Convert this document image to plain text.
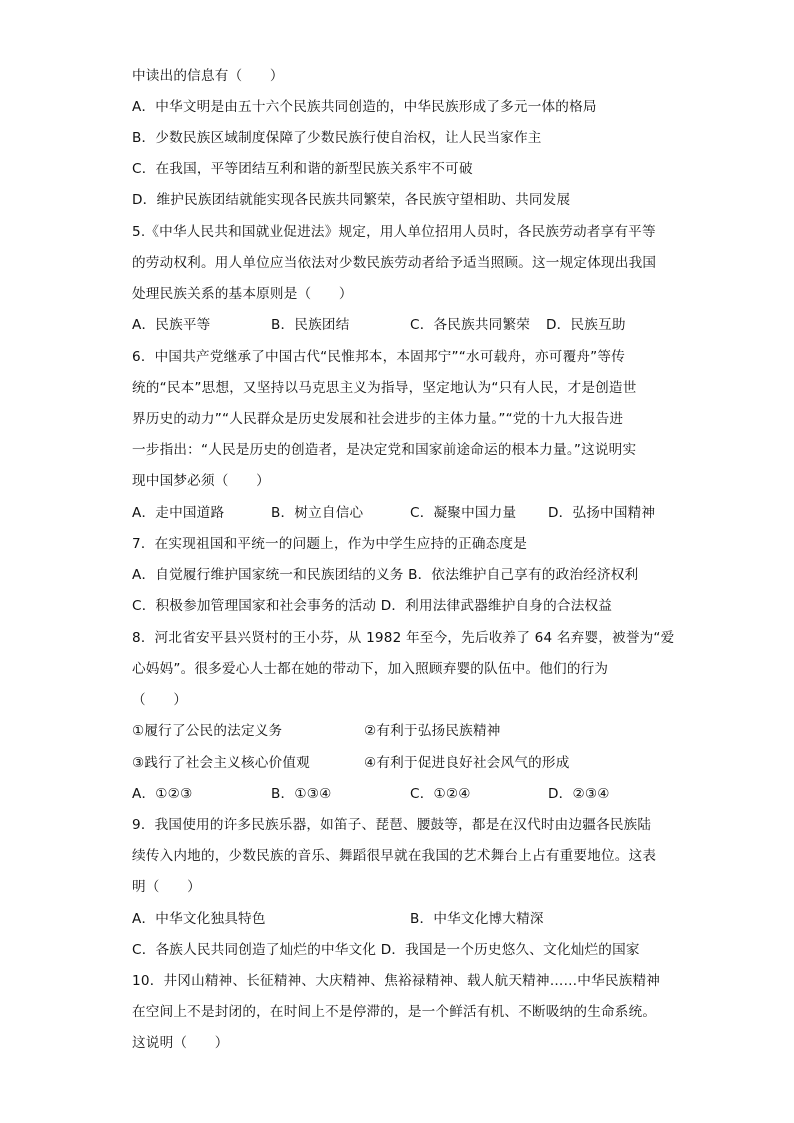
中读出的信息有（　　）
A．中华文明是由五十六个民族共同创造的，中华民族形成了多元一体的格局
B．少数民族区域制度保障了少数民族行使自治权，让人民当家作主
C．在我国，平等团结互利和谐的新型民族关系牢不可破
D．维护民族团结就能实现各民族共同繁荣，各民族守望相助、共同发展
5.《中华人民共和国就业促进法》规定，用人单位招用人员时，各民族劳动者享有平等
的劳动权利。用人单位应当依法对少数民族劳动者给予适当照顾。这一规定体现出我国
处理民族关系的基本原则是（　　）
A．民族平等	B．民族团结	C．各民族共同繁荣 D．民族互助
6．中国共产党继承了中国古代“民惟邦本，本固邦宁”“水可载舟，亦可覆舟”等传
统的“民本”思想，又坚持以马克思主义为指导，坚定地认为“只有人民，才是创造世
界历史的动力”“人民群众是历史发展和社会进步的主体力量。”“党的十九大报告进
一步指出：“人民是历史的创造者，是决定党和国家前途命运的根本力量。”这说明实
现中国梦必须（　　）
A．走中国道路	B．树立自信心	C．凝聚中国力量 D．弘扬中国精神
7．在实现祖国和平统一的问题上，作为中学生应持的正确态度是
A．自觉履行维护国家统一和民族团结的义务 B．依法维护自己享有的政治经济权利
C．积极参加管理国家和社会事务的活动 D．利用法律武器维护自身的合法权益
8．河北省安平县兴贤村的王小芬，从 1982 年至今，先后收养了 64 名弃婴，被誉为“爱
心妈妈”。很多爱心人士都在她的带动下，加入照顾弃婴的队伍中。他们的行为
（　　）
①履行了公民的法定义务	②有利于弘扬民族精神
③践行了社会主义核心价值观	④有利于促进良好社会风气的形成
A．①②③	B．①③④	C．①②④	D．②③④
9．我国使用的许多民族乐器，如笛子、琵琶、腰鼓等，都是在汉代时由边疆各民族陆
续传入内地的，少数民族的音乐、舞蹈很早就在我国的艺术舞台上占有重要地位。这表
明（　　）
A．中华文化独具特色	B．中华文化博大精深
C．各族人民共同创造了灿烂的中华文化 D．我国是一个历史悠久、文化灿烂的国家
10．井冈山精神、长征精神、大庆精神、焦裕禄精神、载人航天精神……中华民族精神
在空间上不是封闭的，在时间上不是停滞的，是一个鲜活有机、不断吸纳的生命系统。
这说明（　　）
